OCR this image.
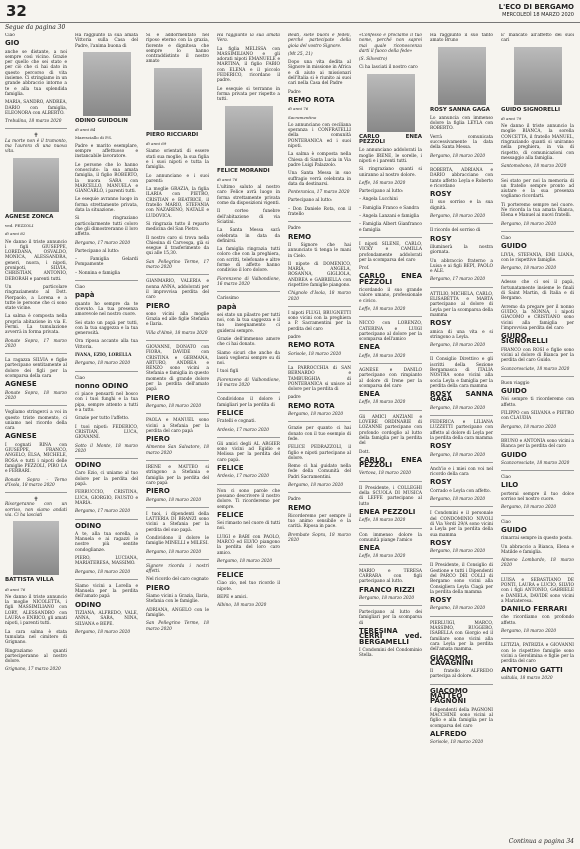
32	L'ECO DI BERGAMO
MERCOLEDÌ 18 MARZO 2020
Segue da pagina 30

Ciao

GIO

anche se distante, a noi sempre così vicino. Grazie per quello che sei stato e per ciò che ci hai dato in questo percorso di vita insieme. Ci stringiamo in un grande abbraccio intorno a te e alla tua splendida famiglia.

MARIA, SANDRO, ANDREA, DARIO con famiglia, ELEONORA con ALBERTO.

Trebulina, 18 marzo 2020

✝

La morte non è il tramonto, ma l'aurora di una nuova vita.

AGNESE ZONCA

ved. PEZZOLI

di anni 82

Ne danno il triste annuncio i figli GIUSEPPE, LOREDANA, OSVALDO, MONICA, ALESSANDRA, generi, nuora, i nipoti, pronipoti, SILVIA, CHRISTIAN, ANTONIO, DEBORAH e parenti tutti.

Un particolare ringraziamento al Dott. Pierpaolo, a Lorena e a tutte le persone che ci sono state vicine.

La salma è composta nella propria abitazione in via E. Fermi. La tumulazione avverrà in forma privata.

Bonate Sopra, 17 marzo 2020

La ragazza SILVIA e figlie partecipano sentitamente al dolore dei figli per la scomparsa della cara

AGNESE

Bonate Sopra, 18 marzo 2020

Vogliamo stringerci a voi in questo triste momento, ci uniamo nel ricordo della cara

AGNESE

I cognati RINA con GIUSEPPE, FRANCO, ANGELO, ELSA, MICHELE, ROSA e tutti i nipoti delle famiglie PEZZOLI, PIRO LA e FERRARI.

Bonate Sopra - Terno d'Isola, 18 marzo 2020

✝

Risorgeranno con un sorriso, non siamo andati via. Ci ha lasciati

BATTISTA VILLA

di anni 76

Ne danno il triste annuncio la moglie NICOLETTA, i figli MASSIMILIANO con LORY, ALESSANDRO con LAURA e ENRICO, gli amati nipoti, i parenti tutti.

La cara salma è stata tumulata nel cimitero di Grignano.

Ringraziamo quanti parteciperanno al nostro dolore.

Grignano, 17 marzo 2020

Ha raggiunto la sua amata Vittoria sulla Casa del Padre, l'anima buona di

ODINO GUIDOLIN

di anni 84

Maresciallo di P.S.

Padre e marito esemplare, sempre affettuoso e instancabile lavoratore.

Le persone che lo hanno conosciuto: la sua amata famiglia, il figlio ROBERTO, la nuora SARA con MARCELLO, MANUELA e GIANCARLO, i parenti tutti.

Le esequie avranno luogo in forma strettamente privata, data la situazione.

Si ringraziano particolarmente tutti coloro che gli dimostreranno il loro affetto.

Bergamo, 17 marzo 2020

Partecipano al lutto:

– Famiglia Gelardi Pompamonte

– Nonnina e famiglia

Ciao

papà

quanto ho sempre da te ricevuto. La tua presenza amorevole nel nostro cuore.

Sei stato un papà per tutti, con la tua saggezza e la tua generosità.

Ora riposa accanto alla tua Vittoria.

IVANA, EZIO, LORELLA

Bergamo, 18 marzo 2020

Ciao

nonno ODINO

ci piace pensarti nel bosco con i tuoi funghi e la tua pipa, sempre attento a tutti e a tutto.

Grazie per tutto l'affetto.

I tuoi nipoti: FEDERICO, CRISTIAN, LUCA, GIOVANNI.

Sotto il Monte, 18 marzo 2020

ODINO

Caro Ezio, ci uniamo al tuo dolore per la perdita del papà.

FERRUCCIO, CRISTINA, LUCA, GIORGIO, FAUSTO e MARIA.

Bergamo, 17 marzo 2020

ODINO

A te, alla tua sorella, a Manuela e ai ragazzi le nostre più sentite condoglianze.

PIERO, LUCIANA, MARIATERESA, MASSIMO.

Bergamo, 18 marzo 2020

Siamo vicini a Lorella e Manuela per la perdita dell'amato papà

ODINO

TIZIANA, ALFREDO, VALE, ANNA, SARA, NINA, SILVANA e BEPE.

Bergamo, 18 marzo 2020

Si è addormentato nel riposo eterno con la grazia, fiorente e dignitosa che sempre lo hanno contraddistinto il nostro amato

PIERO RICCIARDI

di anni 69

Siamo orientati di essere stati sua moglie, la sua figlia e i suoi nipoti e tutta la famiglia.

Lo annunciano e i suoi parenti:

La moglie GRAZIA, la figlia ILARIA con PIETRO, CRISTIAN e BEATRICE, il fratello MARIO, STEFANIA con NAZARENO, NATALE e LUDOVICA.

Si ringrazia tutto il reparto medicina del San Pietro.

Il nostro caro si trova nella Chiesina di Carvesga, già si esegue il trasferimento da qui alle 15,30.

San Pellegrino Terme, 17 marzo 2020

GIANMARIO, VALERIA e nonna ANNA, addolorati per il improvvisa perdita del caro

PIERO

sono vicini alla moglie Grazia ed alle figlie Stefania e Ilaria.

Villa d'Almè, 18 marzo 2020

GIOVANNI, DONATO con FIORA, DAVIDE con CRISTINA e GERMANA, ARTURO, ANDREA e RENZO sono vicini a Stefania e famiglia in questo momento di grande dolore per la perdita dell'amato papà

PIERO

Bergamo, 18 marzo 2020

PAOLA e MANUEL sono vicini a Stefania per la perdita del caro papà

PIERO

Almenno San Salvatore, 18 marzo 2020

IRENE e MATTEO si stringono a Stefania e famiglia per la perdita del caro papà

PIERO

Bergamo, 18 marzo 2020

I tuoi, i dipendenti della LATTERIA DI BRANZI sono vicini a Stefania per la perdita del suo papà.

Condividono il dolore le famiglie MINELLI e MILESI.

Bergamo, 18 marzo 2020

Signore ricorda i nostri affetti.

Nel ricordo del caro cognato

PIERO

Siamo vicini a Grazia, Ilaria, Stefania con le famiglie.

ADRIANA, ANGELO con le famiglie.

San Pellegrino Terme, 18 marzo 2020

Ha raggiunto la sua amata Vera.

La figlia MELISSA con MASSIMILIANO e gli adorati nipoti EMANUELE e MARTINA, il figlio FABIO con ELENA e il piccolo FEDERICO, ricordano il padre.

Le esequie si terranno in forma privata per rispetto a tutti.

FELICE MORANDI

di anni 76

L'ultimo saluto al nostro caro Felice avrà luogo in forma strettamente privata come da disposizioni vigenti.

Il corteo funebre dell'abitazione di via Sciatini.

La Santa Messa sarà celebrata in data da definirsi.

La famiglia ringrazia tutti coloro che con la preghiera, con scritti, telefonate e altre forme di affetto hanno condiviso il loro dolore.

Fiorenzeno di Valbondione, 16 marzo 2020

Carissimo

papà

sei stato un pilastro per tutti noi, con la tua saggezza e il tuo insegnamento ci guiderai sempre.

Grazie dell'immenso amore che ci hai donato.

Siamo sicuri che anche da lassù veglierai sempre su di noi.

I tuoi figli

Fiorenzeno di Valbondione, 16 marzo 2020

Condividono il dolore i famigliari per la perdita di

FELICE

Fratelli e cognati.

Ardesio, 17 marzo 2020

Gli amici degli AL ARGIER sono vicini ad Egidio e Melissa per la perdita del caro papà.

FELICE

Ardesio, 17 marzo 2020

Non ci sono parole che possano descrivere il nostro dolore. Ti ricorderemo per sempre.

FELICE

Sei rimasto nel cuore di tutti noi.

LUIGI e BABI con PAOLO, MARCO ed ELVIO piangono la perdita del loro caro amico.

Bergamo, 18 marzo 2020

FELICE

Ciao zio, nel tuo ricordo il nipote.

BEPE e amici.

Albino, 18 marzo 2020

Beati, siete buoni e fedeli, perché partecipate della gioia del vostro Signore.

(Mt 25, 21)

Dopo una vita dedita al Signore in missione in Africa e di aiuto ai missionari dell'Italia si è riunito ai suoi cari nella Casa del Padre

Padre

REMO ROTA

di anni 76

Sacramentino

Lo annunciano con ceciliana speranza i CONFRATELLI della comunità PONTERANICA ed i suoi nipoti.

La salma è composta nella Chiesa di Santa Lucia in Via padre Luigi Palazzolo.

Una Santa Messa in suo suffragio verrà celebrata in data da destinarsi.

Ponteranica, 17 marzo 2020

Partecipano al lutto:

– Don Daniele Rota, con il fratello

Padre

REMO

Il Signore che hai annunciato ti tenga le mani in Cielo.

Il nipote di DOMENICO, MARIA, ANGELA, ROSANNA, GIGLIOLA, ANDREA e GABRIELLA con rispettive famiglie piangono.

Chignolo d'Isola, 18 marzo 2020

I nipoti FLUGI, BRUGNETTI sono vicini con la preghiera a P. Sacramentini per la perdita del caro

padre

REMO ROTA

Sorisole, 18 marzo 2020

La PARROCCHIA di SAN BERNARDO e TAMBURGHIA di PONTERANICA si unisce al dolore per la perdita di

padre

REMO ROTA

Bergamo, 18 marzo 2020

Grazie per quanto ci hai donato con il tuo esempio di fede.

FELICE PEDRAZZOLI, il figlio e nipoti partecipano al dolore.

Remo ci hai guidato nella fede della Comunità del Padri Sacramentini.

Bergamo, 18 marzo 2020

Padre

REMO

Ricorderemo per sempre il tuo animo sensibile e la carità. Riposa in pace.

Brembate Sopra, 18 marzo 2020

«Confesso e proclamo il tuo nome, perché non saprei mai quale riconoscenza darti il fuoco della fede»

(S. Silvestro)

Ci ha lasciati il nostro caro

CARLO ENEA PEZZOLI

Lo annunciano addolorati la moglie IRENE, le sorelle, i nipoti e i parenti tutti.

Si ringraziano quanti si uniranno al nostro dolore.

Leffe, 16 marzo 2020

Partecipano al lutto:

– Angela Lucchini

– Famiglia Franco e Sandra

– Angela Lanzani e famiglia

– Famiglia Albert Gianfranco e famiglia

I nipoti SILENE, CARLO, VICKY e CAMILLA profondamente addolorati per la scomparsa del caro

Prof.

CARLO ENEA PEZZOLI

ricordando il suo grande valore umano, professionale e civico.

Leffe, 18 marzo 2020

NICCO con LORENZO, CATERINA e LUIGI partecipano al dolore per la scomparsa dell'amico

ENEA

Leffe, 18 marzo 2020

AGNESE e DANILO partecipano con rimpianto al dolore di Irene per la scomparsa del caro

ENEA

Leffe, 18 marzo 2020

Gli AMICI ANZIANI e LOVERE ORDINARIE di LOZANNE partecipano con profondo cordoglio al lutto della famiglia per la perdita del

Dott.

CARLO ENEA PEZZOLI

Vertova, 18 marzo 2020

Il Presidente, i COLLEGHI della SCUOLA DI MUSICA di LEFFE partecipano al lutto

ENEA PEZZOLI

Leffe, 18 marzo 2020

Con immenso dolore la comunità piange l'amico

ENEA

Leffe, 18 marzo 2020

MARIO e TERESA CARRARA con figli partecipano al lutto.

FRANCO RIZZI

Bergamo, 18 marzo 2020

Partecipano al lutto dei famigliari per la scomparsa di

TERESINA CERRI ved. BERGAMELLI

I Condomini del Condominio Stella.

Ha raggiunto il suo tanto amato Bruno

ROSY SANNA GAGA

Lo annuncia con immenso dolore la figlia LEYLA con ROBERTO.

Verrà comunicata successivamente la data della Santa Messa.

Bergamo, 18 marzo 2020

ROBERTA, ADRIANA e DARIO abbracciano con tanto affetto Leyla e Roberto e ricordano

ROSY

Il suo sorriso e la sua dignità.

Bergamo, 18 marzo 2020

Il ricordo del sorriso di

ROSY

illuminerà la nostra giornata.

Un abbraccio fraterno a Luisa e ai figli BEPI, PAOLO e ALE.

Bergamo, 17 marzo 2020

ATTILIO, MICHELA, CARLO, ELISABETTA e MARTA partecipano al dolore di Leyla per la scomparsa della mamma

ROSY

amica di una vita e si stringono a Leyla.

Bergamo, 18 marzo 2020

Il Consiglio Direttivo e gli iscritti della Sezione Bergamasca di ITALIA NOSTRA sono vicini alla socia Leyla e famiglia per la perdita della cara mamma

ROSY SANNA GAGA

Bergamo, 18 marzo 2020

FEDERICA e LILIANA LUZZETTI partecipano con affetto al dolore di Leyla per la perdita della cara mamma

ROSY

Bergamo, 18 marzo 2020

Anch'io e i miei con voi nel ricordo della cara

ROSY

Corrado e Leyla con affetto.

Bergamo, 18 marzo 2020

I Condomini e il personale del CONDOMINIO NIVOLI di Via Verdi 29/A sono vicini a Leyla per la perdita della sua mamma

ROSY

Bergamo, 18 marzo 2020

Il Presidente, il Consiglio di Gestione e tutti i Dipendenti del PARCO DEI COLLI di Bergamo sono vicini alla Consigliera Leyla Ciagà per la perdita della mamma

ROSY

Bergamo, 18 marzo 2020

PIERLUIGI, MARCO, MASSIMO, RUGGERO, ISABELLA con Giorgio ed il familiare sono vicini alla cara Leyla per la perdita dell'amata mamma.

GIACOMO CAVAGNINI

Il fratello ALFREDO partecipa al dolore.

GIACOMO MATTEO PAGNONI

I dipendenti della PAGNONI MACCHINE sono vicini al figlio e alla famiglia per la scomparsa del caro

ALFREDO

Sorisole, 18 marzo 2020

E' mancato all'affetto dei suoi cari

GUIDO SIGNORELLI

di anni 79

Ne danno il triste annuncio la moglie BIANCA, la sorella CONCETTA, il fratello MANUEL, ringraziando quanti si uniranno nella preghiera, in via di rispetto, di comunicazioni con messaggio alla famiglia.

Santomobono, 18 marzo 2020

Sei stato per noi la memoria di un fratello sempre pronto ad aiutare e la sua presenza vogliamo ricordarti.

Ti porteremo sempre nel cuore. Ne ricorda la tua amata Bianca, Elena e Manuel ai nuovi fratelli.

Bergamo, 18 marzo 2020

Ciao

GUIDO

LIVIA, STEFANIA, EMI LIANA, con le rispettive famiglie.

Bergamo, 18 marzo 2020

Adesso che ci sei il papà, fortunatamente insieme le finali di Saint Martin, di Italia e di Bergamo.

Avremo da pregare per il nonno GUIDO, la NONNA, i nipoti GIACOMO e CRISTIANO sono vicini alla famiglia per l'improvvisa perdita del caro

GUIDO SIGNORELLI

FRANCO con ROSI e figlie sono vicini al dolore di Bianca per la perdita del caro Guido.

Scanzorosciate, 18 marzo 2020

Buon viaggio

GUIDO

Noi sempre ti ricorderemo con affetto.

FILIPPO con SILVANA e PIETRO con CLAUDIA

Bergamo, 18 marzo 2020

BRUNO e ANTONIA sono vicini a Bianca per la perdita del caro

GUIDO

Scanzorosciate, 18 marzo 2020

Ciao

LILO

porterai sempre il tuo dolce sorriso nel nostro cuore.

Bergamo, 18 marzo 2020

Ciao

GUIDO

rimarrai sempre in questo posto.

Un abbraccio a Bianca, Elena e Matilde e famiglia.

Almeno Lombardo, 18 marzo 2020

LUISA e SEBASTIANO DE PONTI, LAURA e LUCIO, SILVIO con i figli ANTONIO, GABRIELE e DANIELA, DAVIDE sono vicini a Mariateresa.

DANILO FERRARI

che ricordiamo con profondo affetto.

Bergamo, 18 marzo 2020

LETIZIA, PATRIZIA e GIOVANNI con le rispettive famiglie sono vicini a Gerolimina e figlie per la perdita del caro

ANTONIO GATTI

valtulia, 18 marzo 2020

Continua a pagina 34
